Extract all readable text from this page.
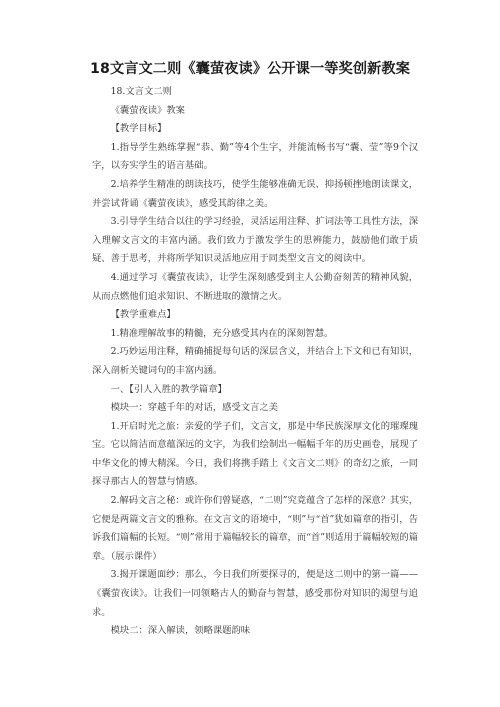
18文言文二则《囊萤夜读》公开课一等奖创新教案

18.文言文二则

《囊萤夜读》教案

【教学目标】

1.指导学生熟练掌握“恭、勤”等4个生字，并能流畅书写“囊、莹”等9个汉字，以夯实学生的语言基础。

2.培养学生精准的朗读技巧，使学生能够准确无误、抑扬顿挫地朗读课文，并尝试背诵《囊萤夜读》，感受其韵律之美。

3.引导学生结合以往的学习经验，灵活运用注释、扩词法等工具性方法，深入理解文言文的丰富内涵。我们致力于激发学生的思辨能力，鼓励他们敢于质疑、善于思考，并将所学知识灵活地应用于同类型文言文的阅读中。

4.通过学习《囊萤夜读》，让学生深刻感受到主人公勤奋刻苦的精神风貌，从而点燃他们追求知识、不断进取的激情之火。

【教学重难点】

1.精准理解故事的精髓，充分感受其内在的深刻智慧。

2.巧妙运用注释，精确捕捉每句话的深层含义，并结合上下文和已有知识，深入剖析关键词句的丰富内涵。

一、【引人入胜的教学篇章】

模块一：穿越千年的对话，感受文言之美

1.开启时光之旅：亲爱的学子们，文言文，那是中华民族深厚文化的璀璨瑰宝。它以简洁而意蕴深远的文字，为我们绘制出一幅幅千年的历史画卷，展现了中华文化的博大精深。今日，我们将携手踏上《文言文二则》的奇幻之旅，一同探寻那古人的智慧与情感。

2.解码文言之秘：或许你们曾疑惑，“二则”究竟蕴含了怎样的深意？其实，它便是两篇文言文的雅称。在文言文的语境中，“则”与“首”犹如篇章的指引，告诉我们篇幅的长短。“则”常用于篇幅较长的篇章，而“首”则适用于篇幅较短的篇章。（展示课件）

3.揭开课题面纱：那么，今日我们所要探寻的，便是这二则中的第一篇——《囊萤夜读》。让我们一同领略古人的勤奋与智慧，感受那份对知识的渴望与追求。

模块二：深入解读，领略课题韵味
